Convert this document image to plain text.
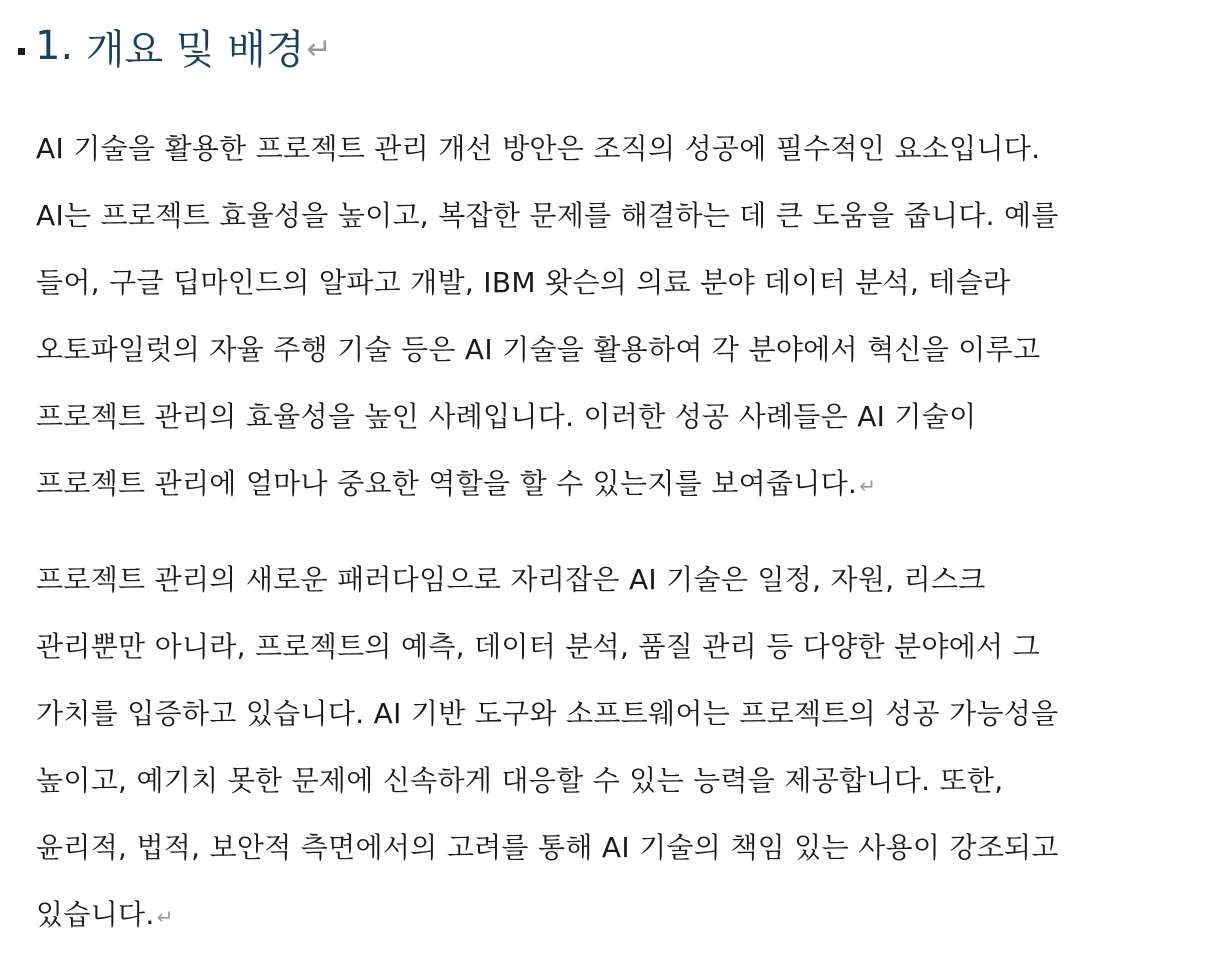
1. 개요 및 배경 ↵
AI 기술을 활용한 프로젝트 관리 개선 방안은 조직의 성공에 필수적인 요소입니다.
AI는 프로젝트 효율성을 높이고, 복잡한 문제를 해결하는 데 큰 도움을 줍니다. 예를
들어, 구글 딥마인드의 알파고 개발, IBM 왓슨의 의료 분야 데이터 분석, 테슬라
오토파일럿의 자율 주행 기술 등은 AI 기술을 활용하여 각 분야에서 혁신을 이루고
프로젝트 관리의 효율성을 높인 사례입니다. 이러한 성공 사례들은 AI 기술이
프로젝트 관리에 얼마나 중요한 역할을 할 수 있는지를 보여줍니다. ↵
프로젝트 관리의 새로운 패러다임으로 자리잡은 AI 기술은 일정, 자원, 리스크
관리뿐만 아니라, 프로젝트의 예측, 데이터 분석, 품질 관리 등 다양한 분야에서 그
가치를 입증하고 있습니다. AI 기반 도구와 소프트웨어는 프로젝트의 성공 가능성을
높이고, 예기치 못한 문제에 신속하게 대응할 수 있는 능력을 제공합니다. 또한,
윤리적, 법적, 보안적 측면에서의 고려를 통해 AI 기술의 책임 있는 사용이 강조되고
있습니다. ↵
